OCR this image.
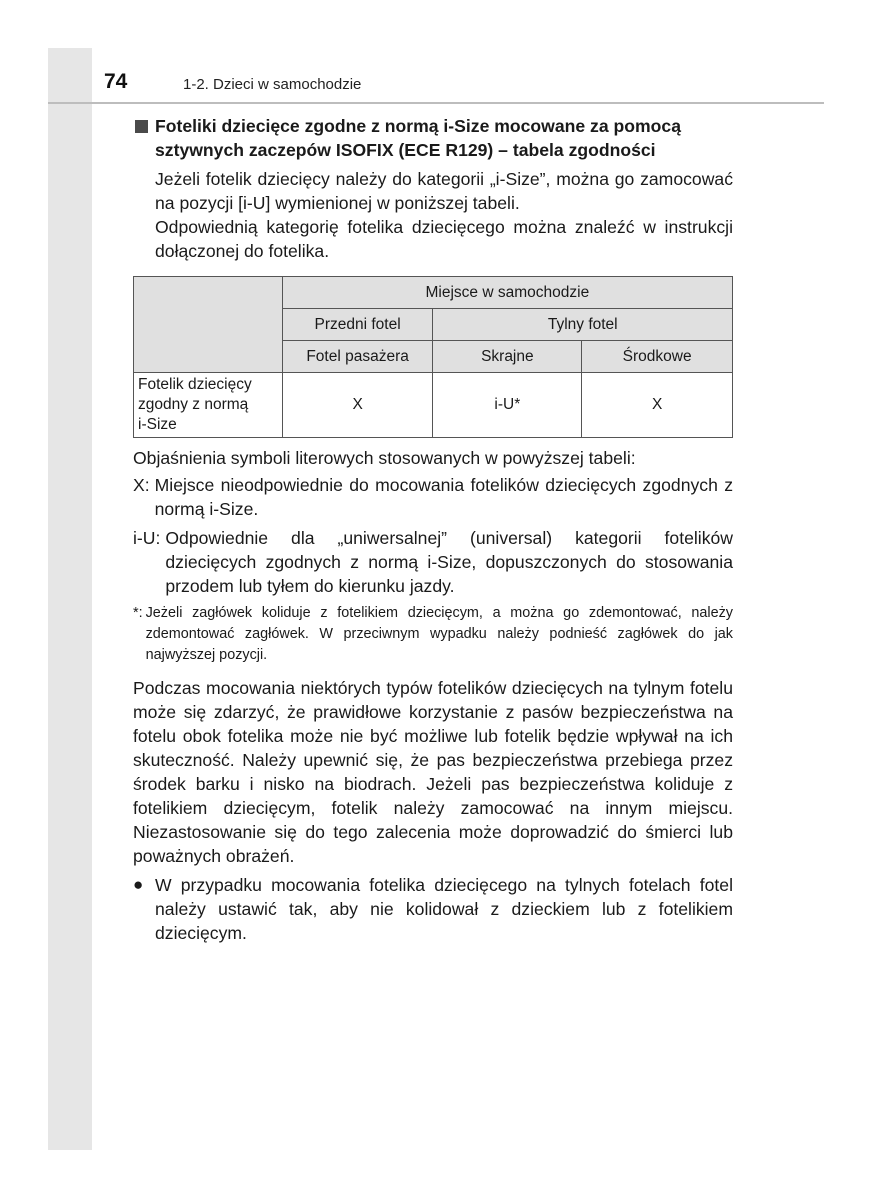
74	1-2. Dzieci w samochodzie
Foteliki dziecięce zgodne z normą i-Size mocowane za pomocą
sztywnych zaczepów ISOFIX (ECE R129) – tabela zgodności

Jeżeli fotelik dziecięcy należy do kategorii „i-Size”, można go zamocować na pozycji [i-U] wymienionej w poniższej tabeli.

Odpowiednią kategorię fotelika dziecięcego można znaleźć w instrukcji dołączonej do fotelika.

	Miejsce w samochodzie		
	Przedni fotel	Tylny fotel	
	Fotel pasażera	Skrajne	Środkowe
Fotelik dziecięcy
zgodny z normą
i-Size	X	i-U*	X

Objaśnienia symboli literowych stosowanych w powyższej tabeli:

X: Miejsce nieodpowiednie do mocowania fotelików dziecięcych zgodnych z normą i-Size.
i-U: Odpowiednie dla „uniwersalnej” (universal) kategorii fotelików dziecięcych zgodnych z normą i-Size, dopuszczonych do stosowania przodem lub tyłem do kierunku jazdy.
*: Jeżeli zagłówek koliduje z fotelikiem dziecięcym, a można go zdemontować, należy zdemontować zagłówek. W przeciwnym wypadku należy podnieść zagłówek do jak najwyższej pozycji.

Podczas mocowania niektórych typów fotelików dziecięcych na tylnym fotelu może się zdarzyć, że prawidłowe korzystanie z pasów bezpieczeństwa na fotelu obok fotelika może nie być możliwe lub fotelik będzie wpływał na ich skuteczność. Należy upewnić się, że pas bezpieczeństwa przebiega przez środek barku i nisko na biodrach. Jeżeli pas bezpieczeństwa koliduje z fotelikiem dziecięcym, fotelik należy zamocować na innym miejscu. Niezastosowanie się do tego zalecenia może doprowadzić do śmierci lub poważnych obrażeń.

● W przypadku mocowania fotelika dziecięcego na tylnych fotelach fotel należy ustawić tak, aby nie kolidował z dzieckiem lub z fotelikiem dziecięcym.
